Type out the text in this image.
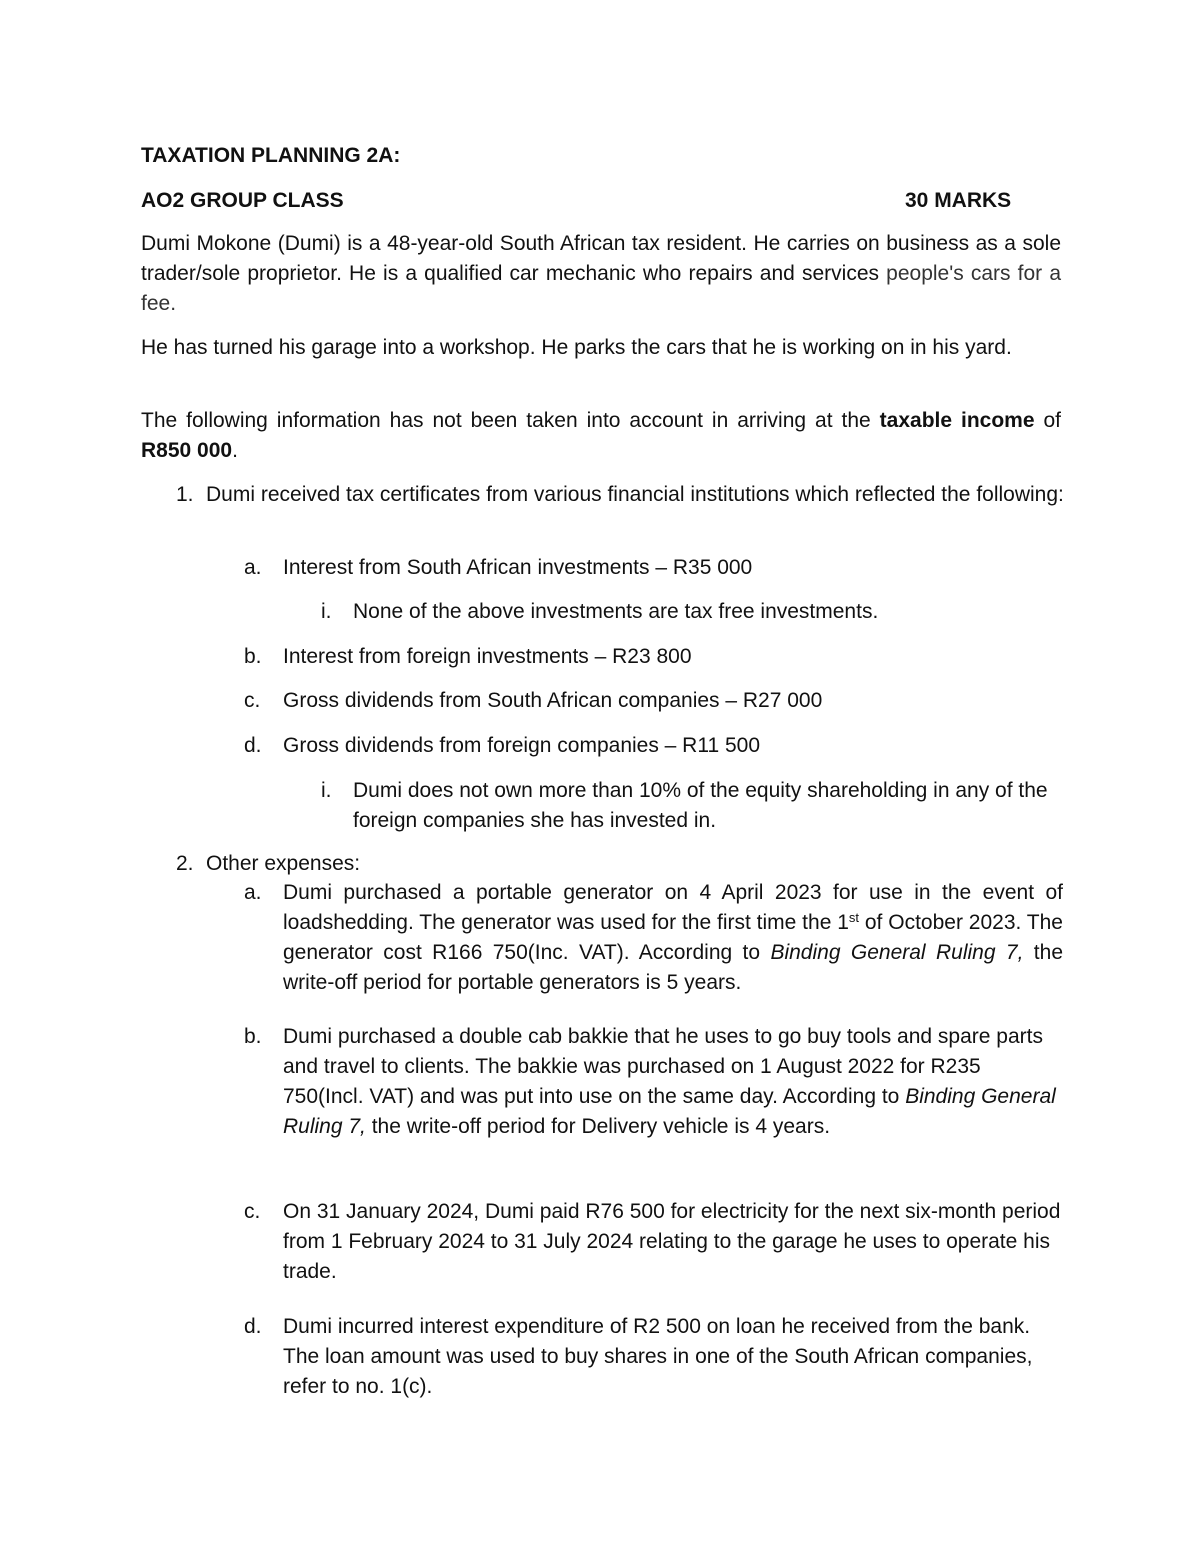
TAXATION PLANNING 2A:
AO2 GROUP CLASS	30 MARKS
Dumi Mokone (Dumi) is a 48-year-old South African tax resident. He carries on business as a sole trader/sole proprietor. He is a qualified car mechanic who repairs and services people's cars for a fee.
He has turned his garage into a workshop. He parks the cars that he is working on in his yard.
The following information has not been taken into account in arriving at the taxable income of R850 000.
1. Dumi received tax certificates from various financial institutions which reflected the following:
a. Interest from South African investments – R35 000
i. None of the above investments are tax free investments.
b. Interest from foreign investments – R23 800
c. Gross dividends from South African companies – R27 000
d. Gross dividends from foreign companies – R11 500
i. Dumi does not own more than 10% of the equity shareholding in any of the foreign companies she has invested in.
2. Other expenses:
a. Dumi purchased a portable generator on 4 April 2023 for use in the event of loadshedding. The generator was used for the first time the 1st of October 2023. The generator cost R166 750(Inc. VAT). According to Binding General Ruling 7, the write-off period for portable generators is 5 years.
b. Dumi purchased a double cab bakkie that he uses to go buy tools and spare parts and travel to clients. The bakkie was purchased on 1 August 2022 for R235 750(Incl. VAT) and was put into use on the same day. According to Binding General Ruling 7, the write-off period for Delivery vehicle is 4 years.
c. On 31 January 2024, Dumi paid R76 500 for electricity for the next six-month period from 1 February 2024 to 31 July 2024 relating to the garage he uses to operate his trade.
d. Dumi incurred interest expenditure of R2 500 on loan he received from the bank. The loan amount was used to buy shares in one of the South African companies, refer to no. 1(c).
